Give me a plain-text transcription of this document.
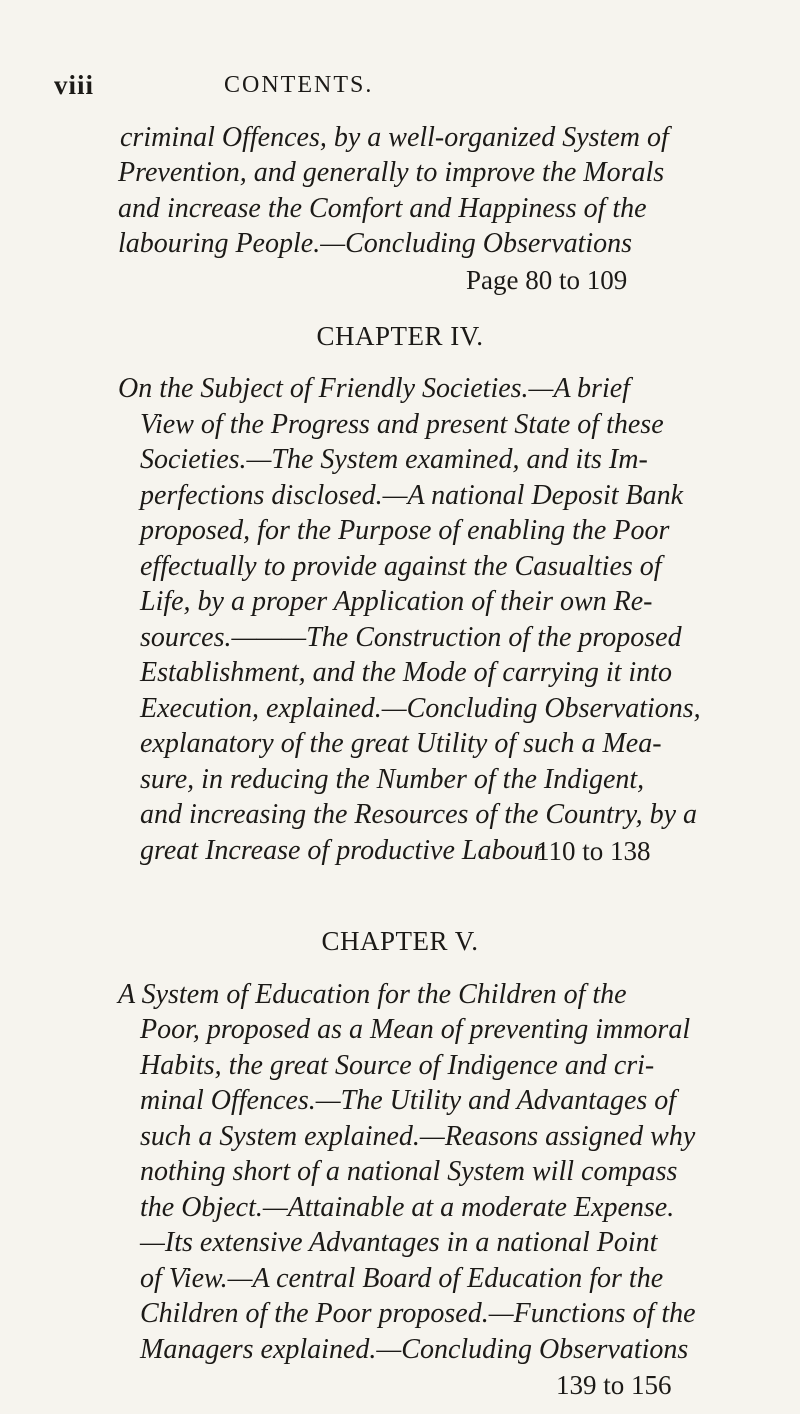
viii	CONTENTS.
criminal Offences, by a well-organized System of
Prevention, and generally to improve the Morals
and increase the Comfort and Happiness of the
labouring People.—Concluding Observations
Page 80 to 109
CHAPTER IV.
On the Subject of Friendly Societies.—A brief
View of the Progress and present State of these
Societies.—The System examined, and its Im-
perfections disclosed.—A national Deposit Bank
proposed, for the Purpose of enabling the Poor
effectually to provide against the Casualties of
Life, by a proper Application of their own Re-
sources.———The Construction of the proposed
Establishment, and the Mode of carrying it into
Execution, explained.—Concluding Observations,
explanatory of the great Utility of such a Mea-
sure, in reducing the Number of the Indigent,
and increasing the Resources of the Country, by a
great Increase of productive Labour
110 to 138
CHAPTER V.
A System of Education for the Children of the
Poor, proposed as a Mean of preventing immoral
Habits, the great Source of Indigence and cri-
minal Offences.—The Utility and Advantages of
such a System explained.—Reasons assigned why
nothing short of a national System will compass
the Object.—Attainable at a moderate Expense.
—Its extensive Advantages in a national Point
of View.—A central Board of Education for the
Children of the Poor proposed.—Functions of the
Managers explained.—Concluding Observations
139 to 156
